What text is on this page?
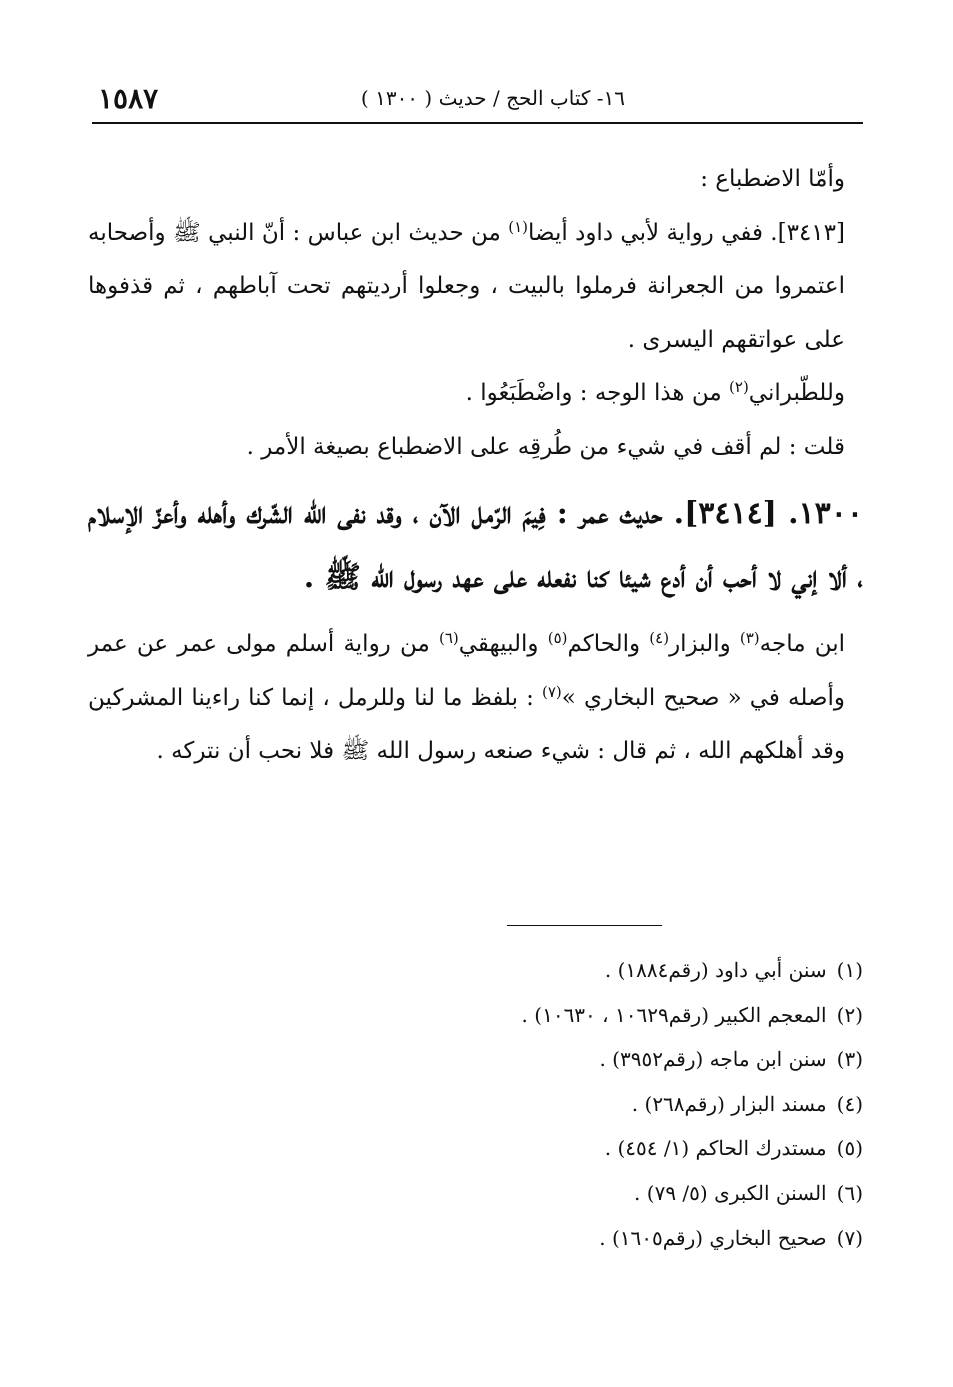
١٦- كتاب الحج / حديث ( ١٣٠٠ )
١٥٨٧

وأمّا الاضطباع :

[٣٤١٣]. ففي رواية لأبي داود أيضا$^{(١)}$ من حديث ابن عباس : أنّ النبي ﷺ وأصحابه اعتمروا من الجعرانة فرملوا بالبيت ، وجعلوا أرديتهم تحت آباطهم ، ثم قذفوها على عواتقهم اليسرى .

وللطّبراني$^{(٢)}$ من هذا الوجه : واضْطَبَعُوا .

قلت : لم أقف في شيء من طُرقِه على الاضطباع بصيغة الأمر .

١٣٠٠. [٣٤١٤]. حديث عمر : فِيمَ الرّمل الآن ، وقد نفى الله الشّرك وأهله وأعزّ الإسلام ، ألا إني لا أحب أن أدع شيئا كنا نفعله على عهد رسول الله ﷺ .

ابن ماجه$^{(٣)}$ والبزار$^{(٤)}$ والحاكم$^{(٥)}$ والبيهقي$^{(٦)}$ من رواية أسلم مولى عمر عن عمر وأصله في « صحيح البخاري »$^{(٧)}$ : بلفظ ما لنا وللرمل ، إنما كنا راءينا المشركين وقد أهلكهم الله ، ثم قال : شيء صنعه رسول الله ﷺ فلا نحب أن نتركه .

(١)سنن أبي داود (رقم١٨٨٤) .
(٢)المعجم الكبير (رقم١٠٦٢٩ ، ١٠٦٣٠) .
(٣)سنن ابن ماجه (رقم٣٩٥٢) .
(٤)مسند البزار (رقم٢٦٨) .
(٥)مستدرك الحاكم (١/ ٤٥٤) .
(٦)السنن الكبرى (٥/ ٧٩) .
(٧)صحيح البخاري (رقم١٦٠٥) .
